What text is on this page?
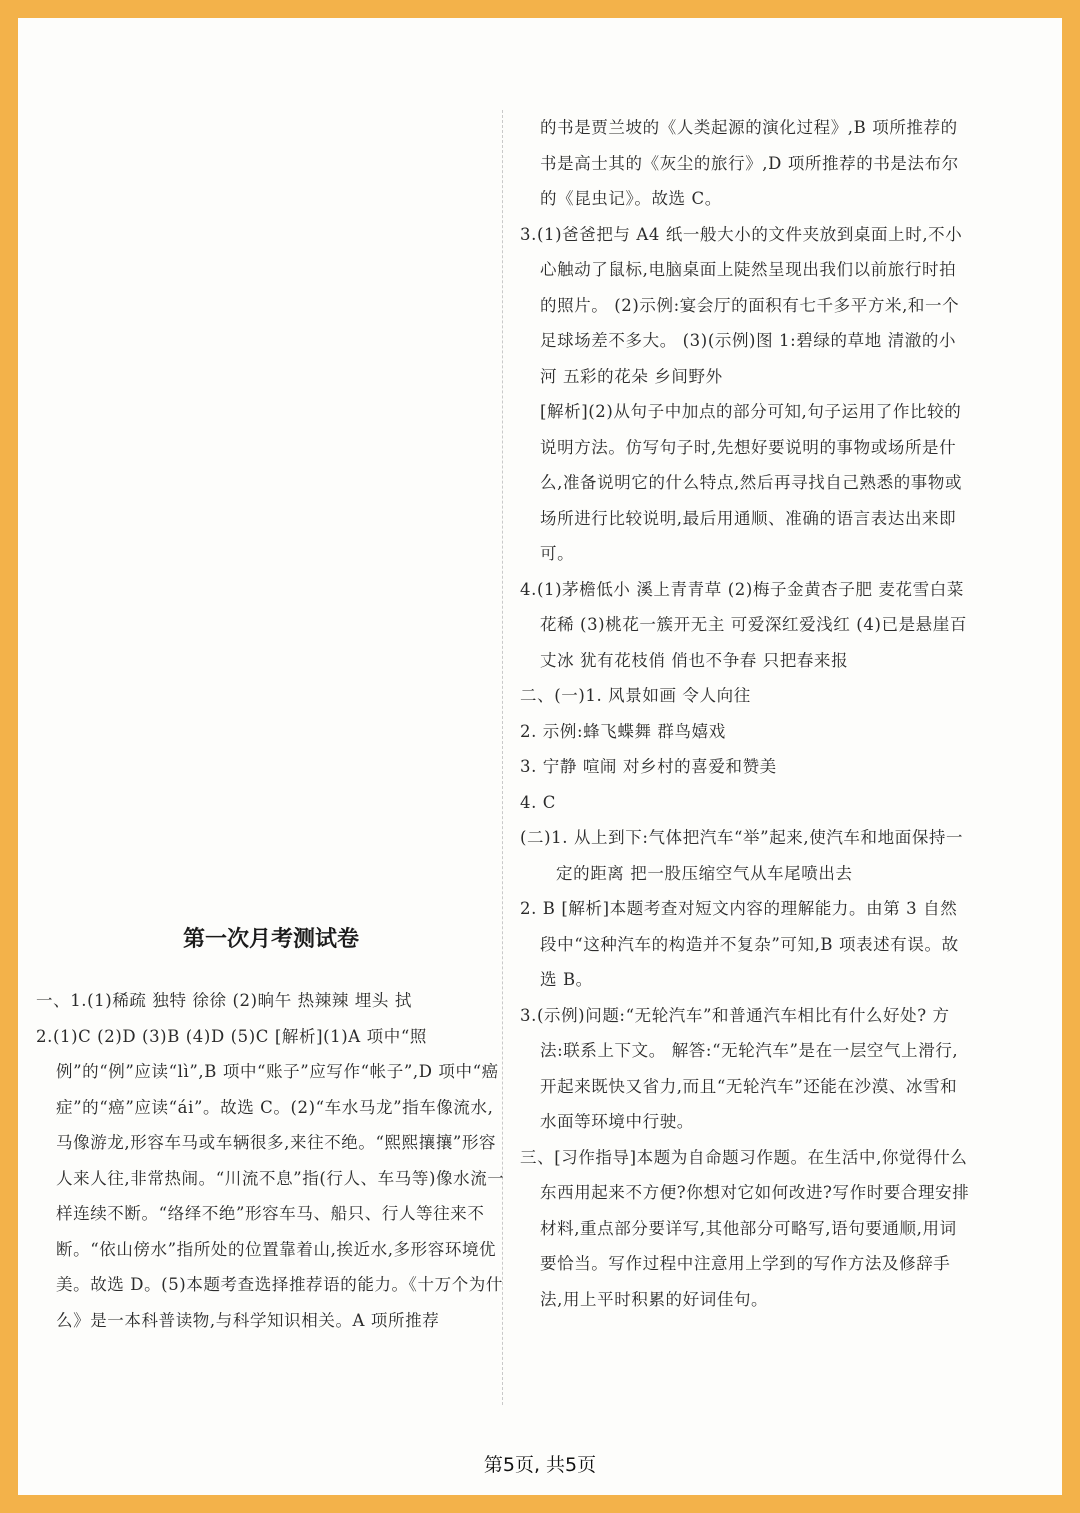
第一次月考测试卷

一、1.(1)稀疏 独特 徐徐 (2)晌午 热辣辣 埋头 拭

2.(1)C (2)D (3)B (4)D (5)C [解析](1)A 项中“照例”的“例”应读“lì”,B 项中“账子”应写作“帐子”,D 项中“癌症”的“癌”应读“ái”。故选 C。(2)“车水马龙”指车像流水,马像游龙,形容车马或车辆很多,来往不绝。“熙熙攘攘”形容人来人往,非常热闹。“川流不息”指(行人、车马等)像水流一样连续不断。“络绎不绝”形容车马、船只、行人等往来不断。“依山傍水”指所处的位置靠着山,挨近水,多形容环境优美。故选 D。(5)本题考查选择推荐语的能力。《十万个为什么》是一本科普读物,与科学知识相关。A 项所推荐

的书是贾兰坡的《人类起源的演化过程》,B 项所推荐的书是高士其的《灰尘的旅行》,D 项所推荐的书是法布尔的《昆虫记》。故选 C。

3.(1)爸爸把与 A4 纸一般大小的文件夹放到桌面上时,不小心触动了鼠标,电脑桌面上陡然呈现出我们以前旅行时拍的照片。 (2)示例:宴会厅的面积有七千多平方米,和一个足球场差不多大。 (3)(示例)图 1:碧绿的草地 清澈的小河 五彩的花朵 乡间野外

[解析](2)从句子中加点的部分可知,句子运用了作比较的说明方法。仿写句子时,先想好要说明的事物或场所是什么,准备说明它的什么特点,然后再寻找自己熟悉的事物或场所进行比较说明,最后用通顺、准确的语言表达出来即可。

4.(1)茅檐低小 溪上青青草 (2)梅子金黄杏子肥 麦花雪白菜花稀 (3)桃花一簇开无主 可爱深红爱浅红 (4)已是悬崖百丈冰 犹有花枝俏 俏也不争春 只把春来报

二、(一)1. 风景如画 令人向往

2. 示例:蜂飞蝶舞 群鸟嬉戏

3. 宁静 喧闹 对乡村的喜爱和赞美

4. C

(二)1. 从上到下:气体把汽车“举”起来,使汽车和地面保持一定的距离 把一股压缩空气从车尾喷出去

2. B [解析]本题考查对短文内容的理解能力。由第 3 自然段中“这种汽车的构造并不复杂”可知,B 项表述有误。故选 B。

3.(示例)问题:“无轮汽车”和普通汽车相比有什么好处? 方法:联系上下文。 解答:“无轮汽车”是在一层空气上滑行,开起来既快又省力,而且“无轮汽车”还能在沙漠、冰雪和水面等环境中行驶。

三、[习作指导]本题为自命题习作题。在生活中,你觉得什么东西用起来不方便?你想对它如何改进?写作时要合理安排材料,重点部分要详写,其他部分可略写,语句要通顺,用词要恰当。写作过程中注意用上学到的写作方法及修辞手法,用上平时积累的好词佳句。

第5页, 共5页
